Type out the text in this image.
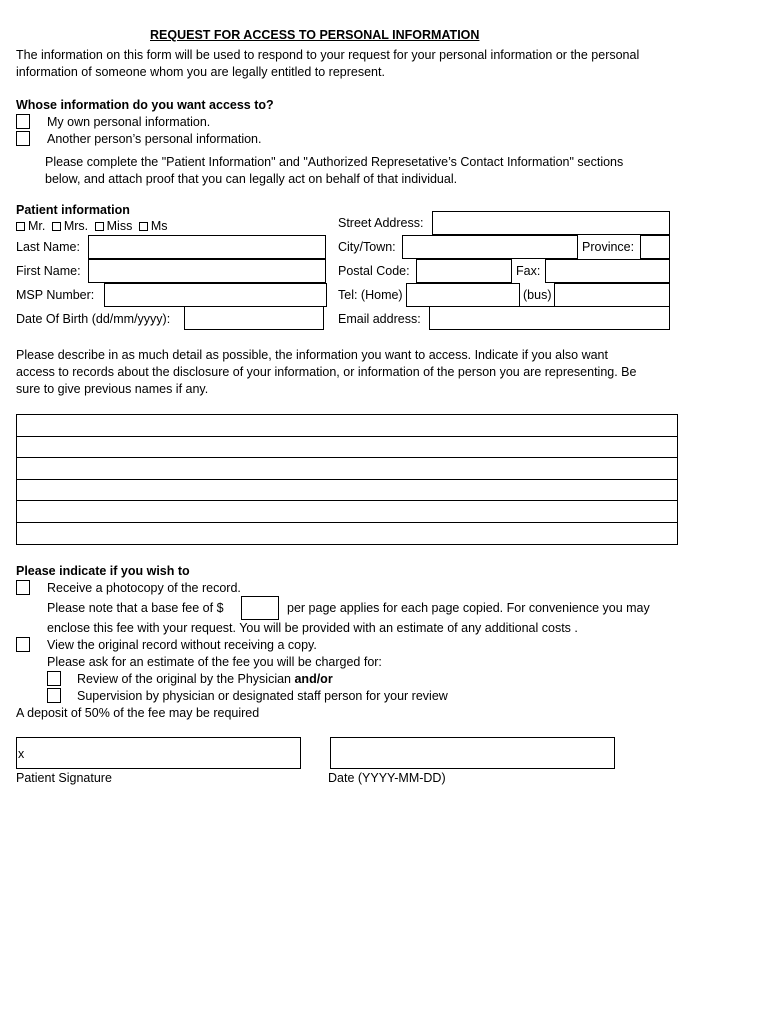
REQUEST FOR ACCESS TO PERSONAL INFORMATION
The information on this form will be used to respond to your request for your personal information or the personal
information of someone whom you are legally entitled to represent.
Whose information do you want access to?
My own personal information.
Another person’s personal information.
Please complete the "Patient Information" and "Authorized Represetative’s Contact Information" sections
below, and attach proof that you can legally act on behalf of that individual.
Patient information
Mr. Mrs. Miss Ms
Last Name:
First Name:
MSP Number:
Date Of Birth (dd/mm/yyyy):
Street Address:
City/Town:	Province:
Postal Code:	Fax:
Tel: (Home)	(bus)
Email address:
Please describe in as much detail as possible, the information you want to access. Indicate if you also want
access to records about the disclosure of your information, or information of the person you are representing. Be
sure to give previous names if any.
Please indicate if you wish to
Receive a photocopy of the record.
Please note that a base fee of $	per page applies for each page copied. For convenience you may
enclose this fee with your request. You will be provided with an estimate of any additional costs .
View the original record without receiving a copy.
Please ask for an estimate of the fee you will be charged for:
Review of the original by the Physician and/or
Supervision by physician or designated staff person for your review
A deposit of 50% of the fee may be required
x
Patient Signature	Date (YYYY-MM-DD)
